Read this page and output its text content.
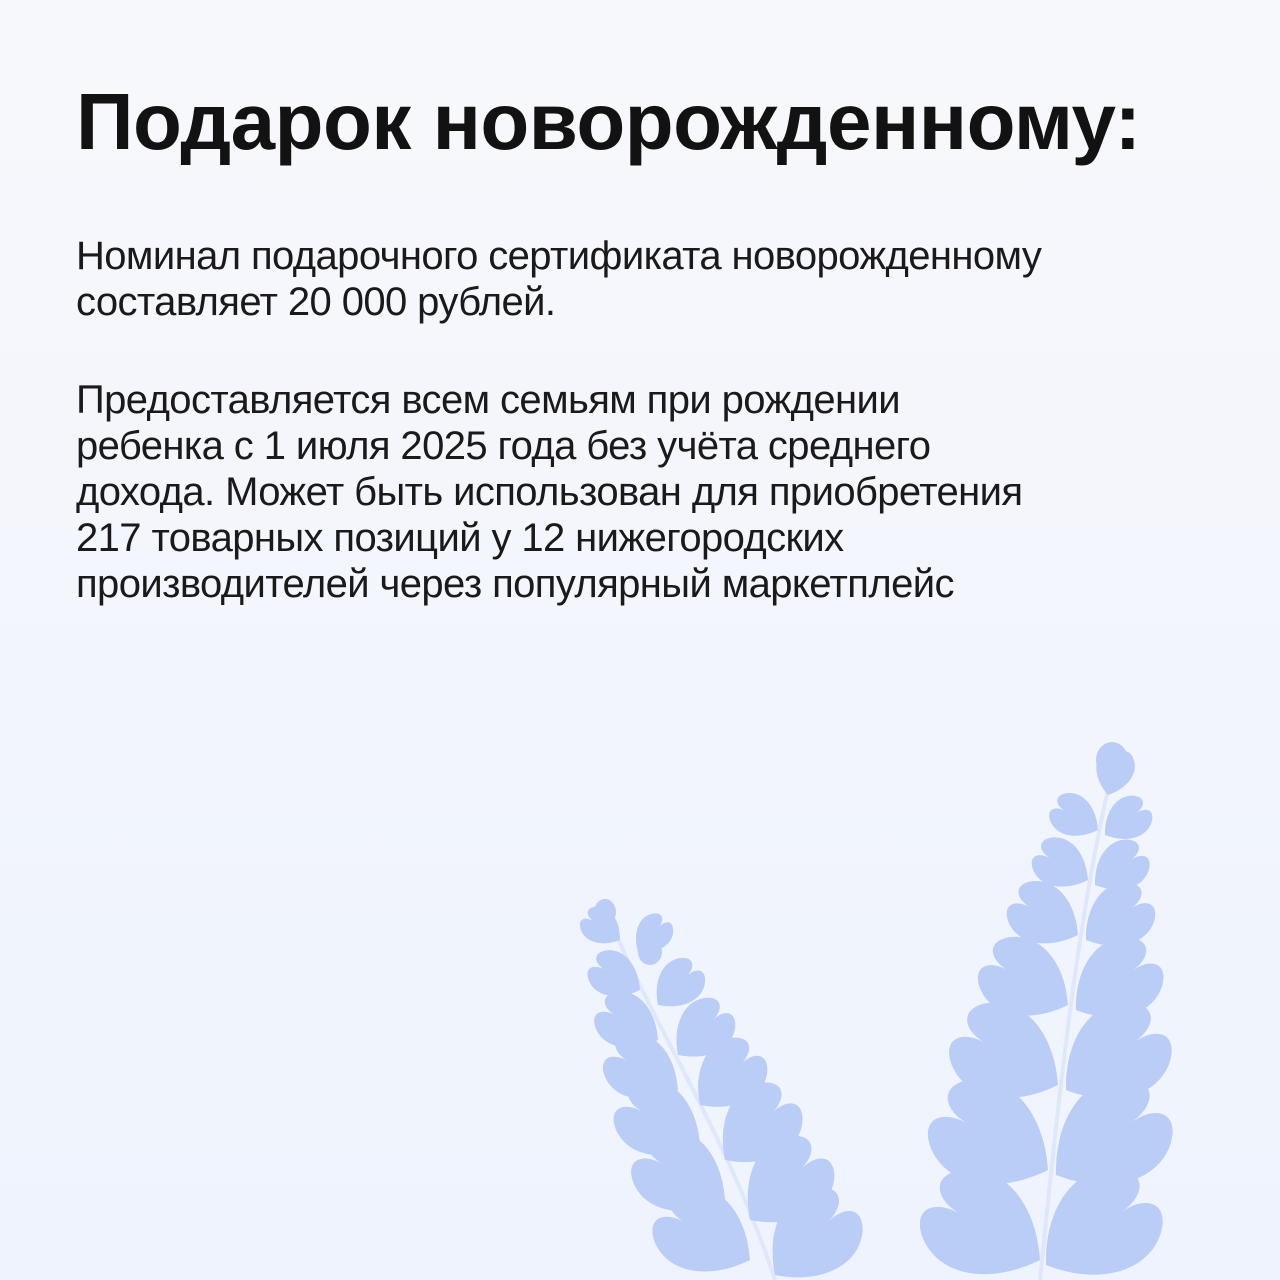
Подарок новорожденному:
Номинал подарочного сертификата новорожденному
составляет 20 000 рублей.
Предоставляется всем семьям при рождении
ребенка с 1 июля 2025 года без учёта среднего
дохода. Может быть использован для приобретения
217 товарных позиций у 12 нижегородских
производителей через популярный маркетплейс
